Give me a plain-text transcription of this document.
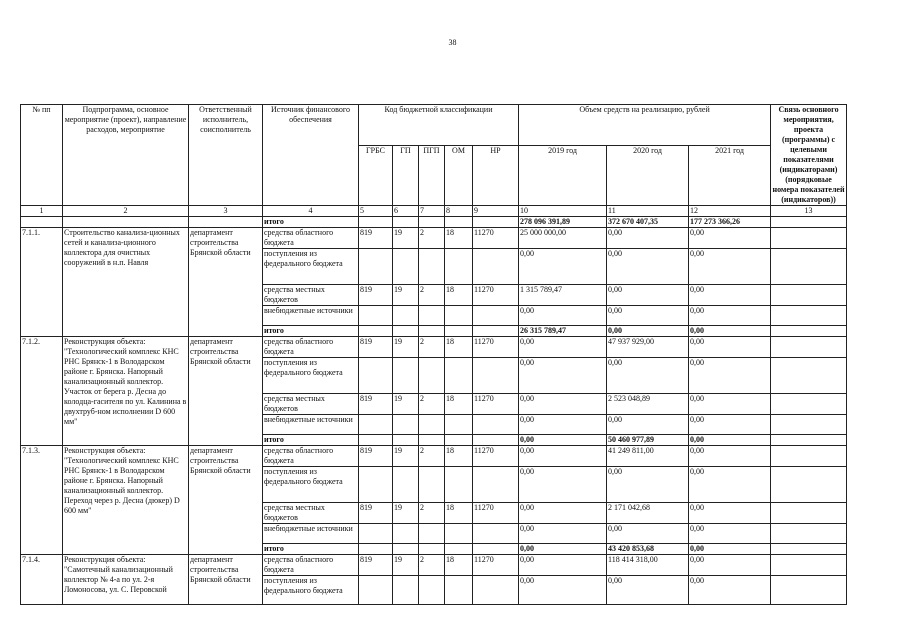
38
№ пп	Подпрограмма, основное мероприятие (проект), направление расходов, мероприятие	Ответственный исполнитель, соисполнитель	Источник финансового обеспечения	Код бюджетной классификации					Объем средств на реализацию, рублей			Связь основного мероприятия, проекта (программы) с целевыми показателями (индикаторами) (порядковые номера показателей (индикаторов))
				ГРБС	ГП	ПГП	ОМ	НР	2019 год	2020 год	2021 год	
1	2	3	4	5	6	7	8	9	10	11	12	13
			итого						278 096 391,89	372 670 407,35	177 273 366,26	
7.1.1.	Строительство канализа-ционных сетей и канализа-ционного коллектора для очистных сооружений в н.п. Навля	департамент строительства Брянской области	средства областного бюджета	819	19	2	18	11270	25 000 000,00	0,00	0,00	
			поступления из федерального бюджета						0,00	0,00	0,00	
			средства местных бюджетов	819	19	2	18	11270	1 315 789,47	0,00	0,00	
			внебюджетные источники						0,00	0,00	0,00	
			итого						26 315 789,47	0,00	0,00	
7.1.2.	Реконструкция объекта: "Технологический комплекс КНС РНС Брянск-1 в Володарском районе г. Брянска. Напорный канализационный коллектор. Участок от берега р. Десна до колодца-гасителя по ул. Калинина в двухтруб-ном исполнении D 600 мм"	департамент строительства Брянской области	средства областного бюджета	819	19	2	18	11270	0,00	47 937 929,00	0,00	
			поступления из федерального бюджета						0,00	0,00	0,00	
			средства местных бюджетов	819	19	2	18	11270	0,00	2 523 048,89	0,00	
			внебюджетные источники						0,00	0,00	0,00	
			итого						0,00	50 460 977,89	0,00	
7.1.3.	Реконструкция объекта: "Технологический комплекс КНС РНС Брянск-1 в Володарском районе г. Брянска. Напорный канализационный коллектор. Переход через р. Десна (дюкер) D 600 мм"	департамент строительства Брянской области	средства областного бюджета	819	19	2	18	11270	0,00	41 249 811,00	0,00	
			поступления из федерального бюджета						0,00	0,00	0,00	
			средства местных бюджетов	819	19	2	18	11270	0,00	2 171 042,68	0,00	
			внебюджетные источники						0,00	0,00	0,00	
			итого						0,00	43 420 853,68	0,00	
7.1.4.	Реконструкция объекта: "Самотечный канализационный коллектор № 4-а по ул. 2-я Ломоносова, ул. С. Перовской	департамент строительства Брянской области	средства областного бюджета	819	19	2	18	11270	0,00	118 414 318,00	0,00	
			поступления из федерального бюджета						0,00	0,00	0,00	
